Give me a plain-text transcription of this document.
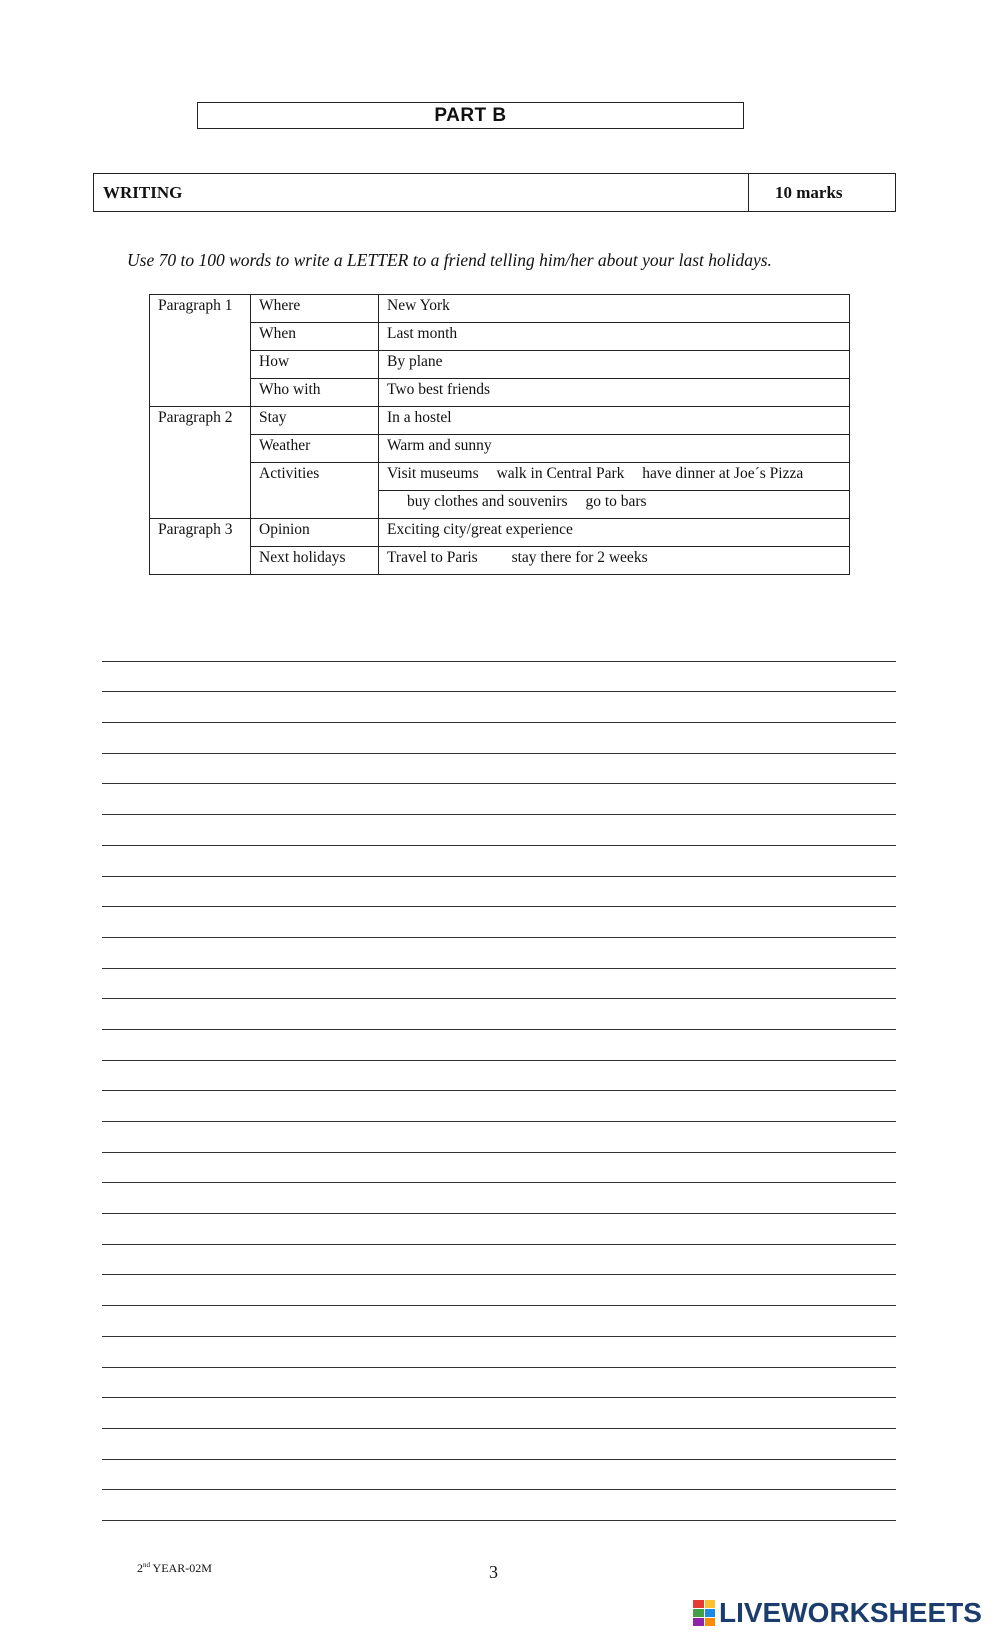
PART B
WRITING	10 marks
Use 70 to 100 words to write a LETTER to a friend telling him/her about your last holidays.
Paragraph 1	Where	New York
	When	Last month
	How	By plane
	Who with	Two best friends
Paragraph 2	Stay	In a hostel
	Weather	Warm and sunny
	Activities	Visit museums walk in Central Park have dinner at Joe´s Pizza
		buy clothes and souvenirs go to bars
Paragraph 3	Opinion	Exciting city/great experience
	Next holidays	Travel to Paris stay there for 2 weeks
2nd YEAR-02M	3
LIVEWORKSHEETS
